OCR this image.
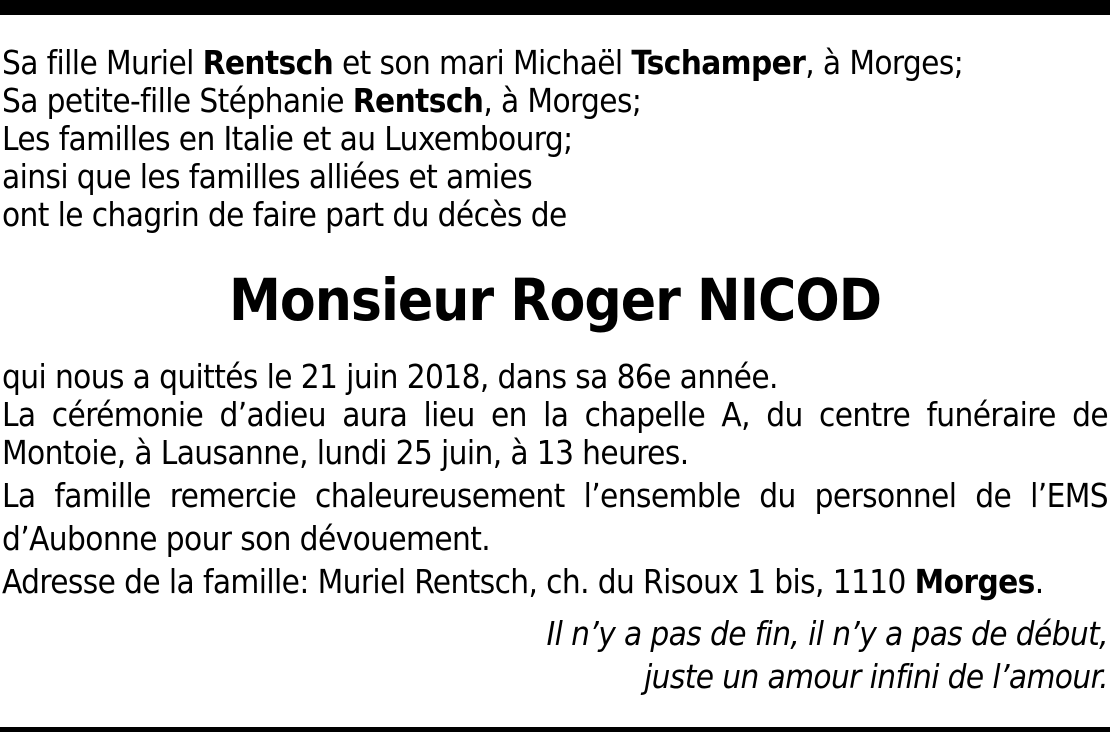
Sa fille Muriel Rentsch et son mari Michaël Tschamper, à Morges;
Sa petite-fille Stéphanie Rentsch, à Morges;
Les familles en Italie et au Luxembourg;
ainsi que les familles alliées et amies
ont le chagrin de faire part du décès de
Monsieur Roger NICOD
qui nous a quittés le 21 juin 2018, dans sa 86e année.
La cérémonie d’adieu aura lieu en la chapelle A, du centre funéraire de
Montoie, à Lausanne, lundi 25 juin, à 13 heures.
La famille remercie chaleureusement l’ensemble du personnel de l’EMS
d’Aubonne pour son dévouement.
Adresse de la famille: Muriel Rentsch, ch. du Risoux 1 bis, 1110 Morges.
Il n’y a pas de fin, il n’y a pas de début,
juste un amour infini de l’amour.
